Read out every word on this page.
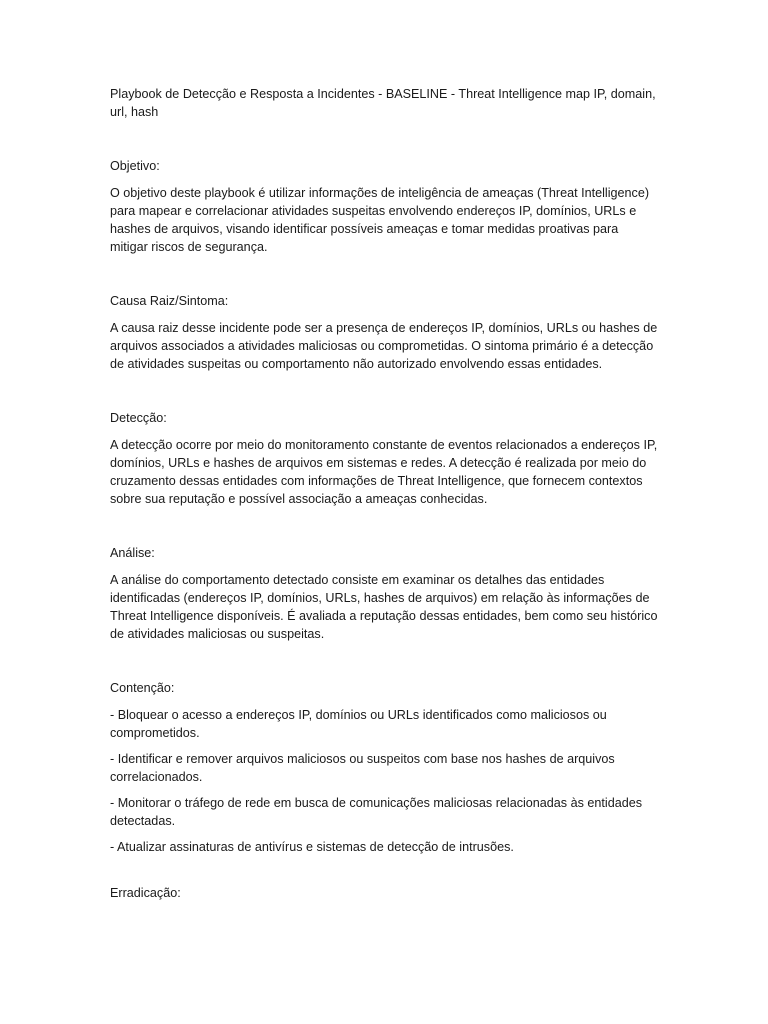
Playbook de Detecção e Resposta a Incidentes - BASELINE - Threat Intelligence map IP, domain, url, hash

Objetivo:

O objetivo deste playbook é utilizar informações de inteligência de ameaças (Threat Intelligence) para mapear e correlacionar atividades suspeitas envolvendo endereços IP, domínios, URLs e hashes de arquivos, visando identificar possíveis ameaças e tomar medidas proativas para mitigar riscos de segurança.

Causa Raiz/Sintoma:

A causa raiz desse incidente pode ser a presença de endereços IP, domínios, URLs ou hashes de arquivos associados a atividades maliciosas ou comprometidas. O sintoma primário é a detecção de atividades suspeitas ou comportamento não autorizado envolvendo essas entidades.

Detecção:

A detecção ocorre por meio do monitoramento constante de eventos relacionados a endereços IP, domínios, URLs e hashes de arquivos em sistemas e redes. A detecção é realizada por meio do cruzamento dessas entidades com informações de Threat Intelligence, que fornecem contextos sobre sua reputação e possível associação a ameaças conhecidas.

Análise:

A análise do comportamento detectado consiste em examinar os detalhes das entidades identificadas (endereços IP, domínios, URLs, hashes de arquivos) em relação às informações de Threat Intelligence disponíveis. É avaliada a reputação dessas entidades, bem como seu histórico de atividades maliciosas ou suspeitas.

Contenção:

- Bloquear o acesso a endereços IP, domínios ou URLs identificados como maliciosos ou comprometidos.

- Identificar e remover arquivos maliciosos ou suspeitos com base nos hashes de arquivos correlacionados.

- Monitorar o tráfego de rede em busca de comunicações maliciosas relacionadas às entidades detectadas.

- Atualizar assinaturas de antivírus e sistemas de detecção de intrusões.

Erradicação:
